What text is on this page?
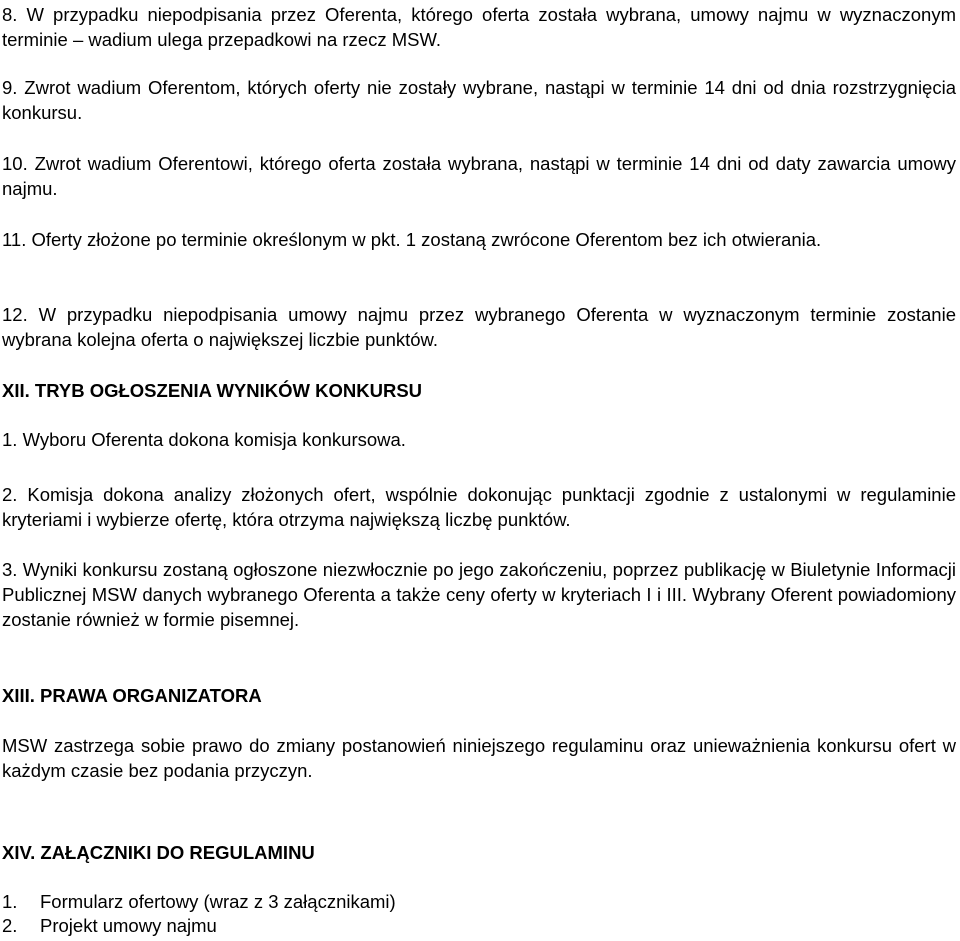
8. W przypadku niepodpisania przez Oferenta, którego oferta została wybrana, umowy najmu w wyznaczonym terminie – wadium ulega przepadkowi na rzecz MSW.

9. Zwrot wadium Oferentom, których oferty nie zostały wybrane, nastąpi w terminie 14 dni od dnia rozstrzygnięcia konkursu.

10. Zwrot wadium Oferentowi, którego oferta została wybrana, nastąpi w terminie 14 dni od daty zawarcia umowy najmu.

11. Oferty złożone po terminie określonym w pkt. 1 zostaną zwrócone Oferentom bez ich otwierania.

12. W przypadku niepodpisania umowy najmu przez wybranego Oferenta w wyznaczonym terminie zostanie wybrana kolejna oferta o największej liczbie punktów.

XII. TRYB OGŁOSZENIA WYNIKÓW KONKURSU

1. Wyboru Oferenta dokona komisja konkursowa.

2. Komisja dokona analizy złożonych ofert, wspólnie dokonując punktacji zgodnie z ustalonymi w regulaminie kryteriami i wybierze ofertę, która otrzyma największą liczbę punktów.

3. Wyniki konkursu zostaną ogłoszone niezwłocznie po jego zakończeniu, poprzez publikację w Biuletynie Informacji Publicznej MSW danych wybranego Oferenta a także ceny oferty w kryteriach I i III. Wybrany Oferent powiadomiony zostanie również w formie pisemnej.

XIII. PRAWA ORGANIZATORA

MSW zastrzega sobie prawo do zmiany postanowień niniejszego regulaminu oraz unieważnienia konkursu ofert w każdym czasie bez podania przyczyn.

XIV. ZAŁĄCZNIKI DO REGULAMINU

1. Formularz ofertowy (wraz z 3 załącznikami)
2. Projekt umowy najmu
